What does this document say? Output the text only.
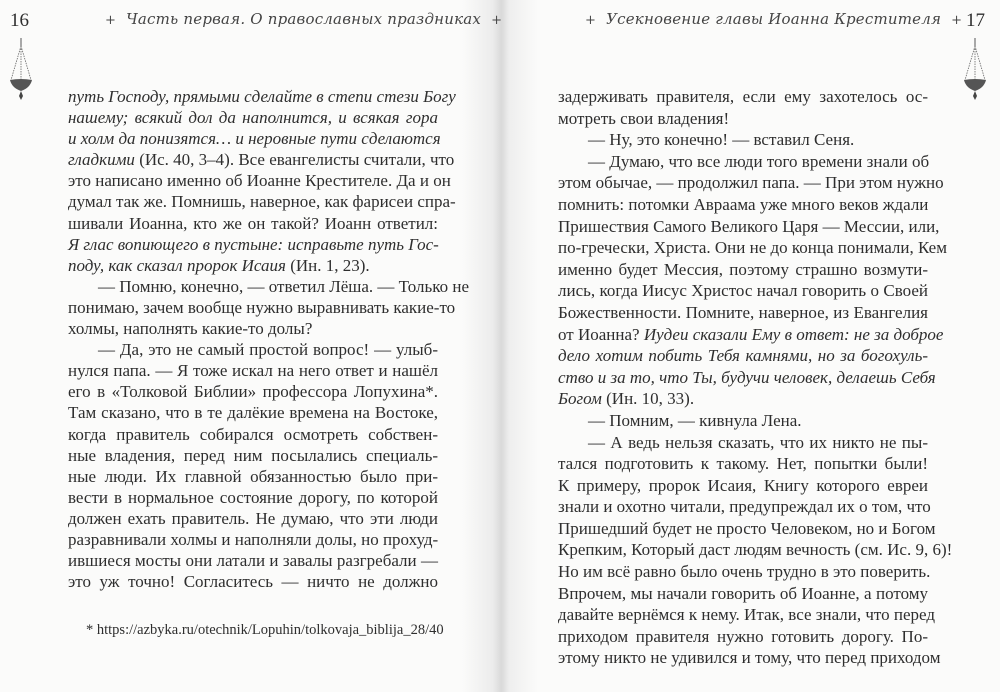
16	+ Часть первая. О православных праздниках +	17
+ Усекновение главы Иоанна Крестителя +
путь Господу, прямыми сделайте в степи стези Богу
нашему; всякий дол да наполнится, и всякая гора
и холм да понизятся… и неровные пути сделаются
гладкими (Ис. 40, 3–4). Все евангелисты считали, что
это написано именно об Иоанне Крестителе. Да и он
думал так же. Помнишь, наверное, как фарисеи спра-
шивали Иоанна, кто же он такой? Иоанн ответил:
Я глас вопиющего в пустыне: исправьте путь Гос-
поду, как сказал пророк Исаия (Ин. 1, 23).
— Помню, конечно, — ответил Лёша. — Только не
понимаю, зачем вообще нужно выравнивать какие-то
холмы, наполнять какие-то долы?
— Да, это не самый простой вопрос! — улыб-
нулся папа. — Я тоже искал на него ответ и нашёл
его в «Толковой Библии» профессора Лопухина*.
Там сказано, что в те далёкие времена на Востоке,
когда правитель собирался осмотреть собствен-
ные владения, перед ним посылались специаль-
ные люди. Их главной обязанностью было при-
вести в нормальное состояние дорогу, по которой
должен ехать правитель. Не думаю, что эти люди
разравнивали холмы и наполняли долы, но прохуд-
ившиеся мосты они латали и завалы разгребали —
это уж точно! Согласитесь — ничто не должно
задерживать правителя, если ему захотелось ос-
мотреть свои владения!
— Ну, это конечно! — вставил Сеня.
— Думаю, что все люди того времени знали об
этом обычае, — продолжил папа. — При этом нужно
помнить: потомки Авраама уже много веков ждали
Пришествия Самого Великого Царя — Мессии, или,
по-гречески, Христа. Они не до конца понимали, Кем
именно будет Мессия, поэтому страшно возмути-
лись, когда Иисус Христос начал говорить о Своей
Божественности. Помните, наверное, из Евангелия
от Иоанна? Иудеи сказали Ему в ответ: не за доброе
дело хотим побить Тебя камнями, но за богохуль-
ство и за то, что Ты, будучи человек, делаешь Себя
Богом (Ин. 10, 33).
— Помним, — кивнула Лена.
— А ведь нельзя сказать, что их никто не пы-
тался подготовить к такому. Нет, попытки были!
К примеру, пророк Исаия, Книгу которого евреи
знали и охотно читали, предупреждал их о том, что
Пришедший будет не просто Человеком, но и Богом
Крепким, Который даст людям вечность (см. Ис. 9, 6)!
Но им всё равно было очень трудно в это поверить.
Впрочем, мы начали говорить об Иоанне, а потому
давайте вернёмся к нему. Итак, все знали, что перед
приходом правителя нужно готовить дорогу. По-
этому никто не удивился и тому, что перед приходом
* https://azbyka.ru/otechnik/Lopuhin/tolkovaja_biblija_28/40
